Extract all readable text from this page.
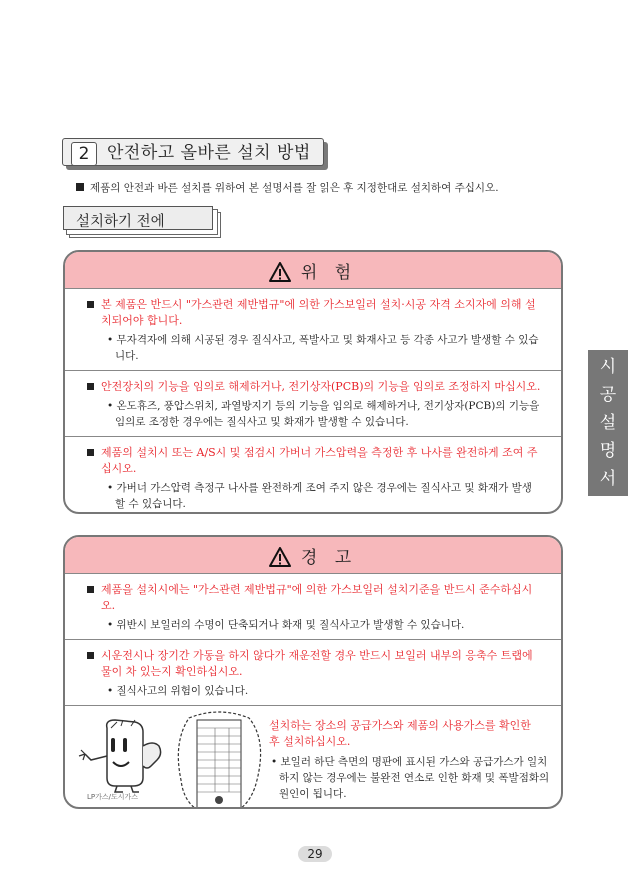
2	안전하고 올바른 설치 방법
제품의 안전과 바른 설치를 위하여 본 설명서를 잘 읽은 후 지정한대로 설치하여 주십시오.
설치하기 전에
위 험
본 제품은 반드시 "가스관련 제반법규"에 의한 가스보일러 설치·시공 자격 소지자에 의해 설치되어야 합니다.
• 무자격자에 의해 시공된 경우 질식사고, 폭발사고 및 화재사고 등 각종 사고가 발생할 수 있습니다.
안전장치의 기능을 임의로 해제하거나, 전기상자(PCB)의 기능을 임의로 조정하지 마십시오.
• 온도휴즈, 풍압스위치, 과열방지기 등의 기능을 임의로 해제하거나, 전기상자(PCB)의 기능을 임의로 조정한 경우에는 질식사고 및 화재가 발생할 수 있습니다.
제품의 설치시 또는 A/S시 및 점검시 가버너 가스압력을 측정한 후 나사를 완전하게 조여 주십시오.
• 가버너 가스압력 측정구 나사를 완전하게 조여 주지 않은 경우에는 질식사고 및 화재가 발생할 수 있습니다.
경 고
제품을 설치시에는 "가스관련 제반법규"에 의한 가스보일러 설치기준을 반드시 준수하십시오.
• 위반시 보일러의 수명이 단축되거나 화재 및 질식사고가 발생할 수 있습니다.
시운전시나 장기간 가동을 하지 않다가 재운전할 경우 반드시 보일러 내부의 응축수 트랩에 물이 차 있는지 확인하십시오.
• 질식사고의 위험이 있습니다.
LP가스/도시가스
설치하는 장소의 공급가스와 제품의 사용가스를 확인한 후 설치하십시오.
• 보일러 하단 측면의 명판에 표시된 가스와 공급가스가 일치하지 않는 경우에는 불완전 연소로 인한 화재 및 폭발점화의 원인이 됩니다.
시
공
설
명
서
29
